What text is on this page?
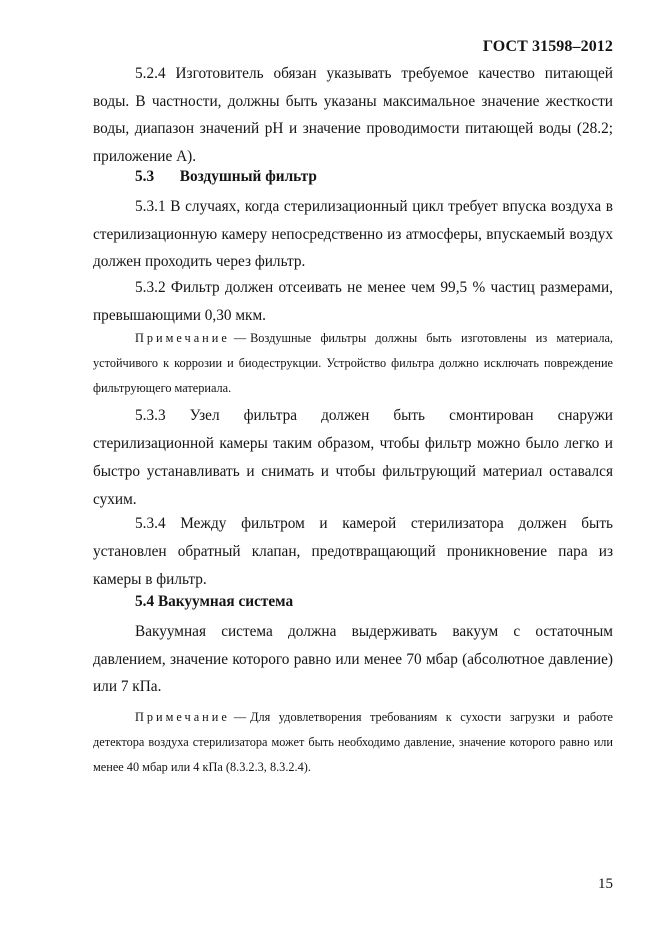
ГОСТ 31598–2012
5.2.4 Изготовитель обязан указывать требуемое качество питающей воды. В частности, должны быть указаны максимальное значение жесткости воды, диапазон значений pH и значение проводимости питающей воды (28.2; приложение А).
5.3 Воздушный фильтр
5.3.1 В случаях, когда стерилизационный цикл требует впуска воздуха в стерилизационную камеру непосредственно из атмосферы, впускаемый воздух должен проходить через фильтр.
5.3.2 Фильтр должен отсеивать не менее чем 99,5 % частиц размерами, превышающими 0,30 мкм.
Примечание — Воздушные фильтры должны быть изготовлены из материала, устойчивого к коррозии и биодеструкции. Устройство фильтра должно исключать повреждение фильтрующего материала.
5.3.3 Узел фильтра должен быть смонтирован снаружи стерилизационной камеры таким образом, чтобы фильтр можно было легко и быстро устанавливать и снимать и чтобы фильтрующий материал оставался сухим.
5.3.4 Между фильтром и камерой стерилизатора должен быть установлен обратный клапан, предотвращающий проникновение пара из камеры в фильтр.
5.4 Вакуумная система
Вакуумная система должна выдерживать вакуум с остаточным давлением, значение которого равно или менее 70 мбар (абсолютное давление) или 7 кПа.
Примечание — Для удовлетворения требованиям к сухости загрузки и работе детектора воздуха стерилизатора может быть необходимо давление, значение которого равно или менее 40 мбар или 4 кПа (8.3.2.3, 8.3.2.4).
15
